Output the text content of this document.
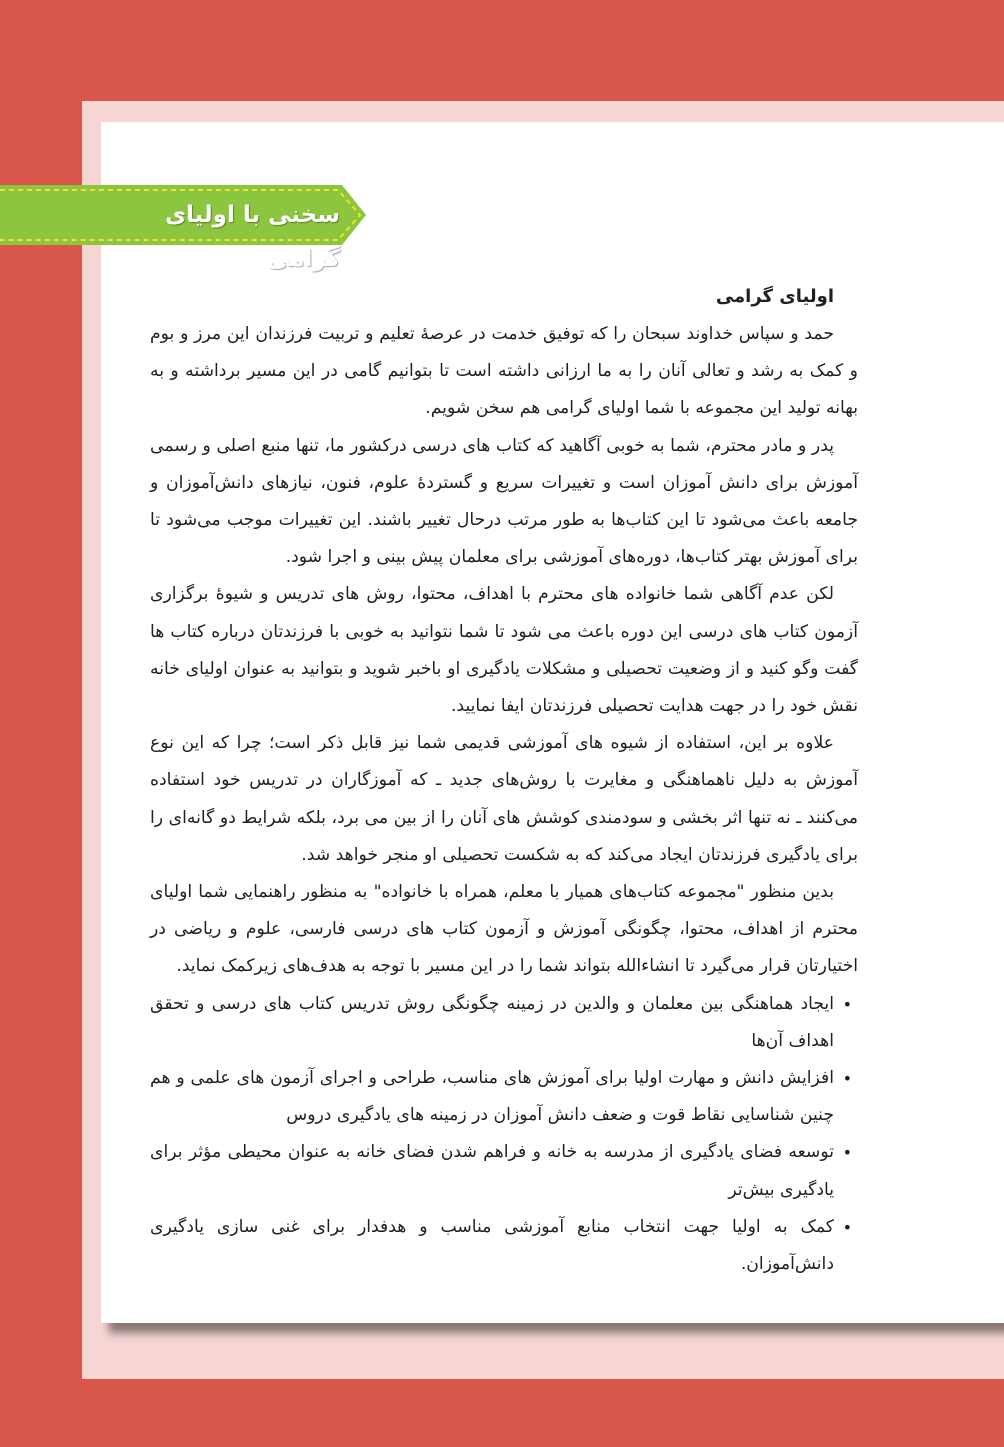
سخنی با اولیای گرامی

اولیای گرامی

حمد و سپاس خداوند سبحان را که توفیق خدمت در عرصهٔ تعلیم و تربیت فرزندان این مرز و بوم و کمک به رشد و تعالی آنان را به ما ارزانی داشته است تا بتوانیم گامی در این مسیر برداشته و به بهانه تولید این مجموعه با شما اولیای گرامی هم سخن شویم.

پدر و مادر محترم، شما به خوبی آگاهید که کتاب های درسی درکشور ما، تنها منبع اصلی و رسمی آموزش برای دانش آموزان است و تغییرات سریع و گستردهٔ علوم، فنون، نیازهای دانش‌آموزان و جامعه باعث می‌شود تا این کتاب‌ها به طور مرتب درحال تغییر باشند. این تغییرات موجب می‌شود تا برای آموزش بهتر کتاب‌ها، دوره‌های آموزشی برای معلمان پیش بینی و اجرا شود.

لکن عدم آگاهی شما خانواده های محترم با اهداف، محتوا، روش های تدریس و شیوهٔ برگزاری آزمون کتاب های درسی این دوره باعث می شود تا شما نتوانید به خوبی با فرزندتان درباره کتاب ها گفت وگو کنید و از وضعیت تحصیلی و مشکلات یادگیری او باخبر شوید و بتوانید به عنوان اولیای خانه نقش خود را در جهت هدایت تحصیلی فرزندتان ایفا نمایید.

علاوه بر این، استفاده از شیوه های آموزشی قدیمی شما نیز قابل ذکر است؛ چرا که این نوع آموزش به دلیل ناهماهنگی و مغایرت با روش‌های جدید ـ که آموزگاران در تدریس خود استفاده می‌کنند ـ نه تنها اثر بخشی و سودمندی کوشش های آنان را از بین می برد، بلکه شرایط دو گانه‌ای را برای یادگیری فرزندتان ایجاد می‌کند که به شکست تحصیلی او منجر خواهد شد.

بدین منظور "مجموعه کتاب‌های همیار با معلم، همراه با خانواده" به منظور راهنمایی شما اولیای محترم از اهداف، محتوا، چگونگی آموزش و آزمون کتاب های درسی فارسی، علوم و ریاضی در اختیارتان قرار می‌گیرد تا انشاءالله بتواند شما را در این مسیر با توجه به هدف‌های زیرکمک نماید.

•
ایجاد هماهنگی بین معلمان و والدین در زمینه چگونگی روش تدریس کتاب های درسی و تحقق اهداف آن‌ها
•
افزایش دانش و مهارت اولیا برای آموزش های مناسب، طراحی و اجرای آزمون های علمی و هم چنین شناسایی نقاط قوت و ضعف دانش آموزان در زمینه های یادگیری دروس
•
توسعه فضای یادگیری از مدرسه به خانه و فراهم شدن فضای خانه به عنوان محیطی مؤثر برای یادگیری بیش‌تر
•
کمک به اولیا جهت انتخاب منابع آموزشی مناسب و هدفدار برای غنی سازی یادگیری دانش‌آموزان.
